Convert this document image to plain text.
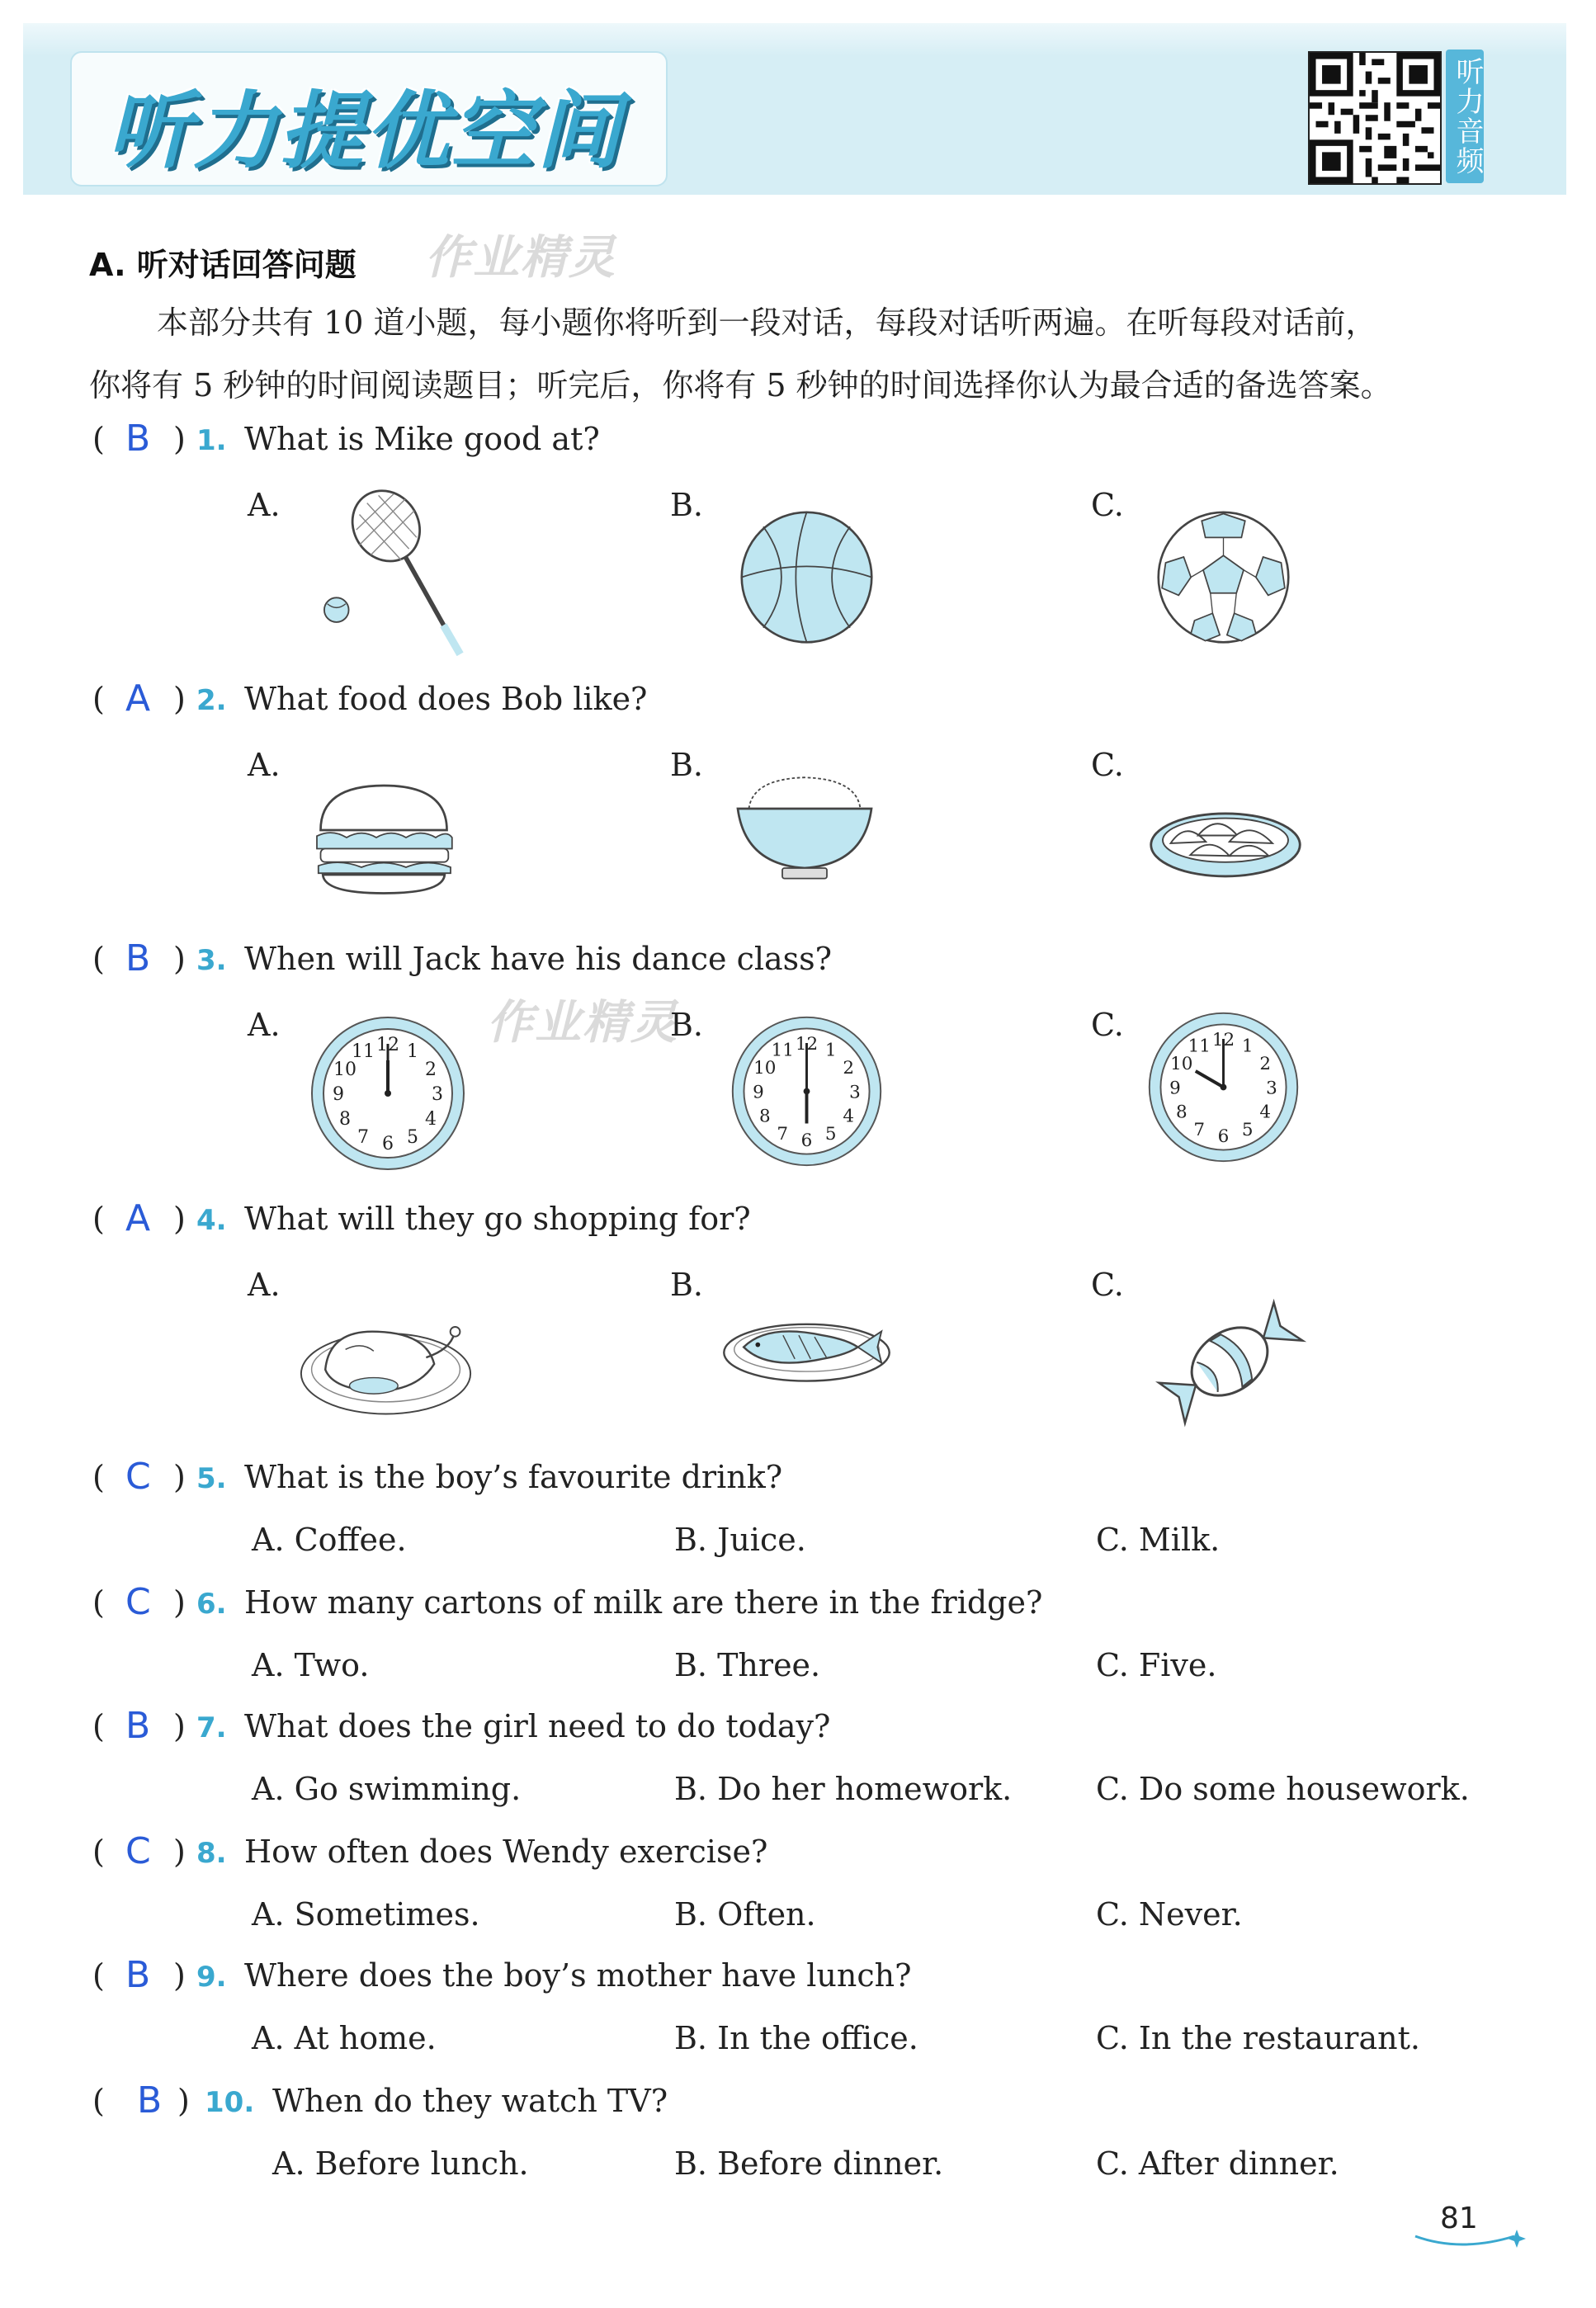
听力提优空间	听力音频
作业精灵
作业精灵
A. 听对话回答问题
本部分共有 10 道小题，每小题你将听到一段对话，每段对话听两遍。在听每段对话前，
你将有 5 秒钟的时间阅读题目；听完后，你将有 5 秒钟的时间选择你认为最合适的备选答案。
81
( B ) 1. What is Mike good at?
A.	B.	C.
( A ) 2. What food does Bob like?
A.	B.	C.
( B ) 3. When will Jack have his dance class?
A.	B.	C.
12 1
2
3
4
5
6
7
8
9
10
11	12 1
2
3
4
5
6
7
8
9
10
11
12 1
2
3
4
5
6
7
8
9
10
11
( A ) 4. What will they go shopping for?
A.	B.	C.
( C ) 5. What is the boy’s favourite drink?
A. Coffee.	B. Juice.	C. Milk.
( C ) 6. How many cartons of milk are there in the fridge?
A. Two.	B. Three.	C. Five.
( B ) 7. What does the girl need to do today?
A. Go swimming.	B. Do her homework.	C. Do some housework.
( C ) 8. How often does Wendy exercise?
A. Sometimes.	B. Often.	C. Never.
( B ) 9. Where does the boy’s mother have lunch?
A. At home.	B. In the office.	C. In the restaurant.
( B ) 10. When do they watch TV?
A. Before lunch.	B. Before dinner.	C. After dinner.
